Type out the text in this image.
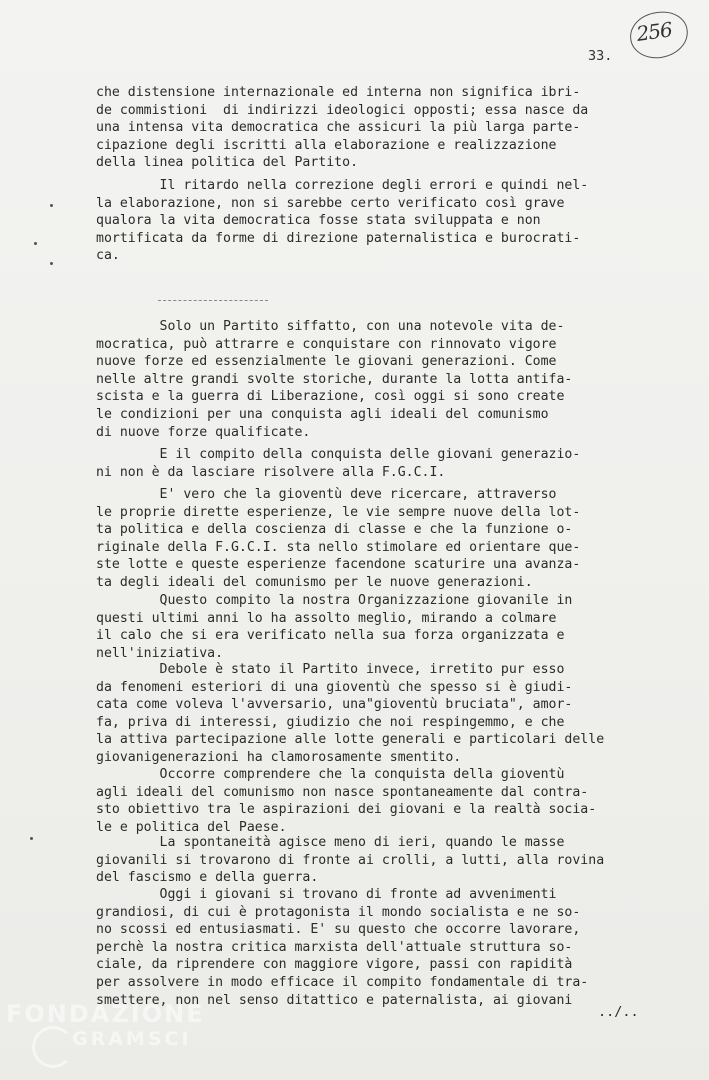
256
33.
che distensione internazionale ed interna non significa ibri-
de commistioni  di indirizzi ideologici opposti; essa nasce da
una intensa vita democratica che assicuri la più larga parte-
cipazione degli iscritti alla elaborazione e realizzazione
della linea politica del Partito.
Il ritardo nella correzione degli errori e quindi nel-
la elaborazione, non si sarebbe certo verificato così grave
qualora la vita democratica fosse stata sviluppata e non
mortificata da forme di direzione paternalistica e burocrati-
ca.
Solo un Partito siffatto, con una notevole vita de-
mocratica, può attrarre e conquistare con rinnovato vigore
nuove forze ed essenzialmente le giovani generazioni. Come
nelle altre grandi svolte storiche, durante la lotta antifa-
scista e la guerra di Liberazione, così oggi si sono create
le condizioni per una conquista agli ideali del comunismo
di nuove forze qualificate.
E il compito della conquista delle giovani generazio-
ni non è da lasciare risolvere alla F.G.C.I.
E' vero che la gioventù deve ricercare, attraverso
le proprie dirette esperienze, le vie sempre nuove della lot-
ta politica e della coscienza di classe e che la funzione o-
riginale della F.G.C.I. sta nello stimolare ed orientare que-
ste lotte e queste esperienze facendone scaturire una avanza-
ta degli ideali del comunismo per le nuove generazioni.
Questo compito la nostra Organizzazione giovanile in
questi ultimi anni lo ha assolto meglio, mirando a colmare
il calo che si era verificato nella sua forza organizzata e
nell'iniziativa.
Debole è stato il Partito invece, irretito pur esso
da fenomeni esteriori di una gioventù che spesso si è giudi-
cata come voleva l'avversario, una"gioventù bruciata", amor-
fa, priva di interessi, giudizio che noi respingemmo, e che
la attiva partecipazione alle lotte generali e particolari delle
giovanigenerazioni ha clamorosamente smentito.
Occorre comprendere che la conquista della gioventù
agli ideali del comunismo non nasce spontaneamente dal contra-
sto obiettivo tra le aspirazioni dei giovani e la realtà socia-
le e politica del Paese.
La spontaneità agisce meno di ieri, quando le masse
giovanili si trovarono di fronte ai crolli, a lutti, alla rovina
del fascismo e della guerra.
Oggi i giovani si trovano di fronte ad avvenimenti
grandiosi, di cui è protagonista il mondo socialista e ne so-
no scossi ed entusiasmati. E' su questo che occorre lavorare,
perchè la nostra critica marxista dell'attuale struttura so-
ciale, da riprendere con maggiore vigore, passi con rapidità
per assolvere in modo efficace il compito fondamentale di tra-
smettere, non nel senso ditattico e paternalista, ai giovani
../..
FONDAZIONE
GRAMSCI
